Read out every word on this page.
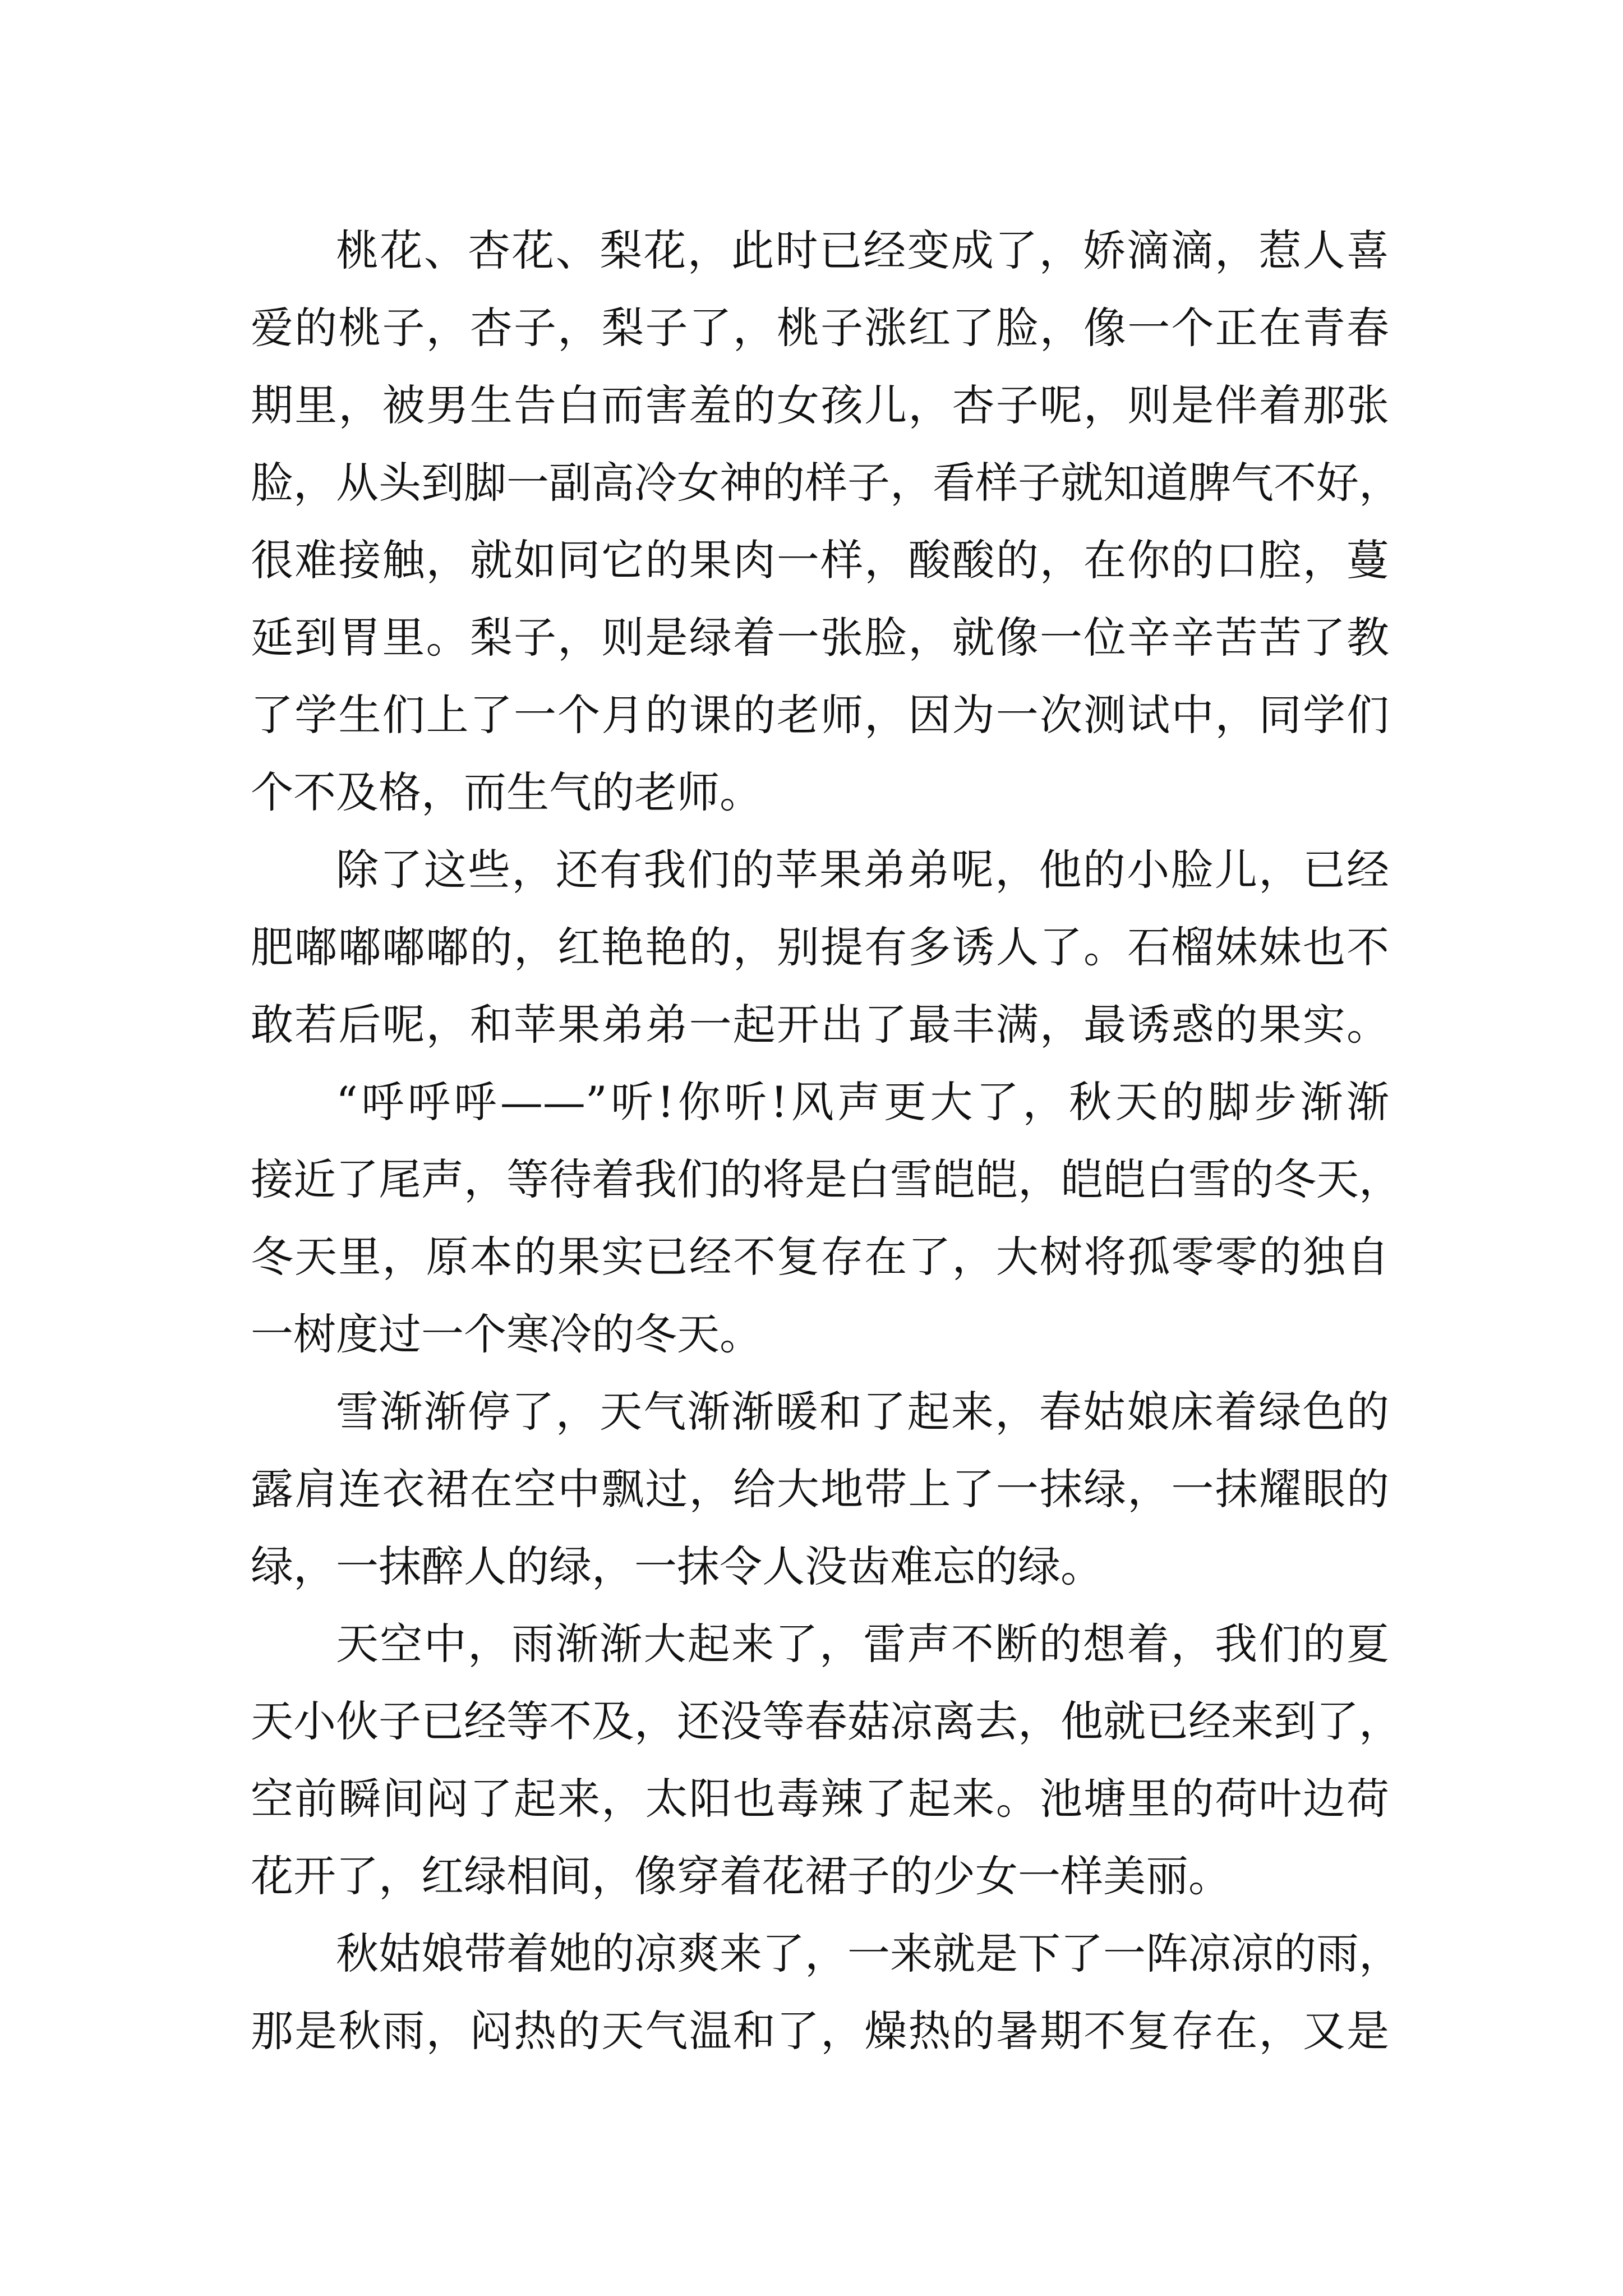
桃花、杏花、梨花，此时已经变成了，娇滴滴，惹人喜
爱的桃子，杏子，梨子了，桃子涨红了脸，像一个正在青春
期里，被男生告白而害羞的女孩儿，杏子呢，则是伴着那张
脸，从头到脚一副高冷女神的样子，看样子就知道脾气不好，
很难接触，就如同它的果肉一样，酸酸的，在你的口腔，蔓
延到胃里。梨子，则是绿着一张脸，就像一位辛辛苦苦了教
了学生们上了一个月的课的老师，因为一次测试中，同学们
个不及格，而生气的老师。
除了这些，还有我们的苹果弟弟呢，他的小脸儿，已经
肥嘟嘟嘟嘟的，红艳艳的，别提有多诱人了。石榴妹妹也不
敢若后呢，和苹果弟弟一起开出了最丰满，最诱惑的果实。
“呼呼呼——”听!你听!风声更大了，秋天的脚步渐渐
接近了尾声，等待着我们的将是白雪皑皑，皑皑白雪的冬天，
冬天里，原本的果实已经不复存在了，大树将孤零零的独自
一树度过一个寒冷的冬天。
雪渐渐停了，天气渐渐暖和了起来，春姑娘床着绿色的
露肩连衣裙在空中飘过，给大地带上了一抹绿，一抹耀眼的
绿，一抹醉人的绿，一抹令人没齿难忘的绿。
天空中，雨渐渐大起来了，雷声不断的想着，我们的夏
天小伙子已经等不及，还没等春菇凉离去，他就已经来到了，
空前瞬间闷了起来，太阳也毒辣了起来。池塘里的荷叶边荷
花开了，红绿相间，像穿着花裙子的少女一样美丽。
秋姑娘带着她的凉爽来了，一来就是下了一阵凉凉的雨，
那是秋雨，闷热的天气温和了，燥热的暑期不复存在，又是
